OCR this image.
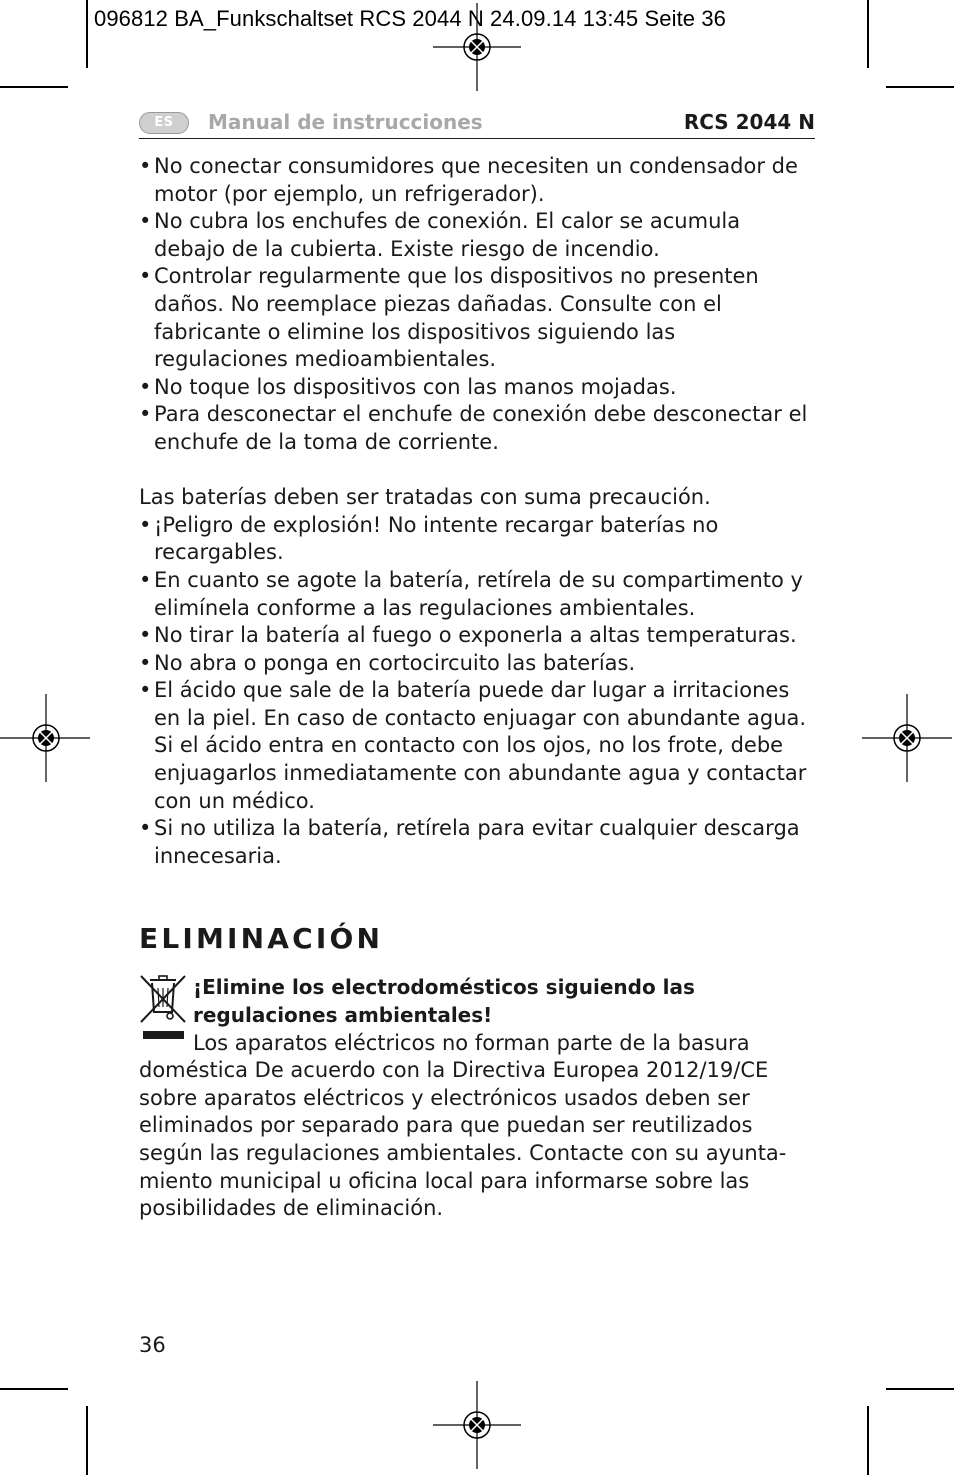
096812 BA_Funkschaltset RCS 2044 N 24.09.14 13:45 Seite 36
ES	Manual de instrucciones	RCS 2044 N
• No conectar consumidores que necesiten un condensador de motor (por ejemplo, un refrigerador).
• No cubra los enchufes de conexión. El calor se acumula debajo de la cubierta. Existe riesgo de incendio.
• Controlar regularmente que los dispositivos no presenten daños. No reemplace piezas dañadas. Consulte con el fabricante o elimine los dispositivos siguiendo las regulaciones medioambientales.
• No toque los dispositivos con las manos mojadas.
• Para desconectar el enchufe de conexión debe desconectar el enchufe de la toma de corriente.

Las baterías deben ser tratadas con suma precaución.

• ¡Peligro de explosión! No intente recargar baterías no recargables.
• En cuanto se agote la batería, retírela de su compartimento y elimínela conforme a las regulaciones ambientales.
• No tirar la batería al fuego o exponerla a altas temperaturas.
• No abra o ponga en cortocircuito las baterías.
• El ácido que sale de la batería puede dar lugar a irritaciones en la piel. En caso de contacto enjuagar con abundante agua. Si el ácido entra en contacto con los ojos, no los frote, debe enjuagarlos inmediatamente con abundante agua y contactar con un médico.
• Si no utiliza la batería, retírela para evitar cualquier descarga innecesaria.
ELIMINACIÓN
¡Elimine los electrodomésticos siguiendo las
regulaciones ambientales!
Los aparatos eléctricos no forman parte de la basura doméstica De acuerdo con la Directiva Europea 2012/19/CE sobre aparatos eléctricos y electrónicos usados deben ser eliminados por separado para que puedan ser reutilizados según las regulaciones ambientales. Contacte con su ayunta-miento municipal u oficina local para informarse sobre las posibilidades de eliminación.
36
